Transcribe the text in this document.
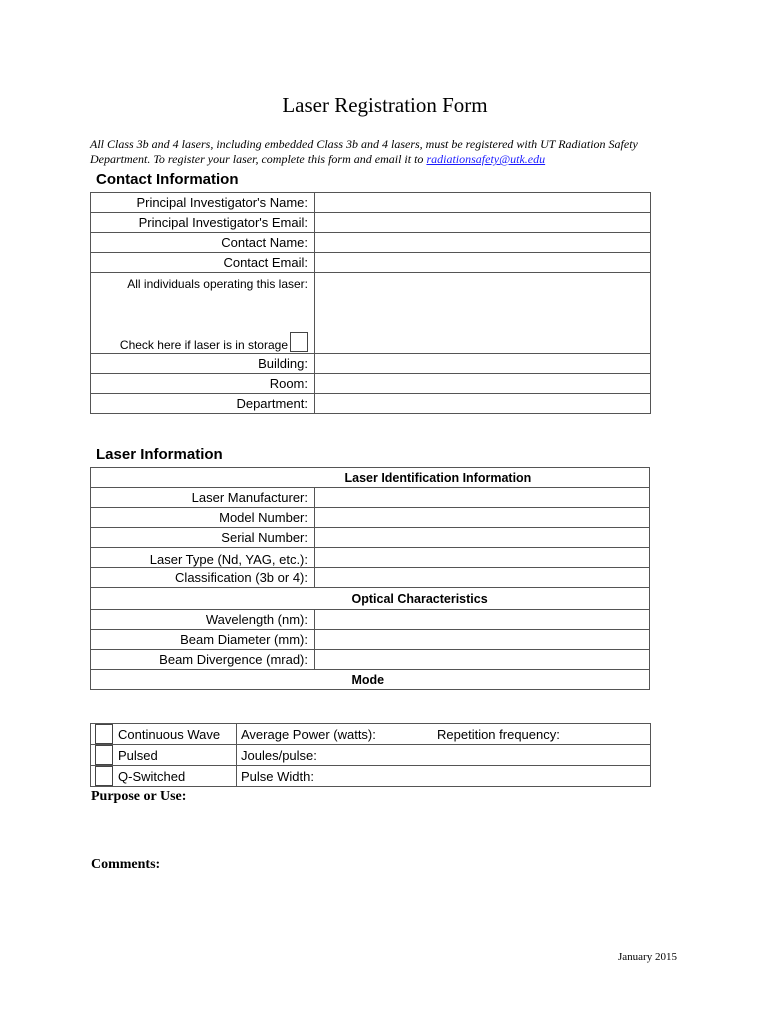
Laser Registration Form
All Class 3b and 4 lasers, including embedded Class 3b and 4 lasers, must be registered with UT Radiation Safety Department. To register your laser, complete this form and email it to radiationsafety@utk.edu
Contact Information
Principal Investigator's Name:	
Principal Investigator's Email:	
Contact Name:	
Contact Email:	

All individuals operating this laser:
Check here if laser is in storage	

Building:	
Room:	
Department:	
Laser Information
	Laser Identification Information
Laser Manufacturer:	
Model Number:	
Serial Number:	
Laser Type (Nd, YAG, etc.):	
Classification (3b or 4):	
	Optical Characteristics
Wavelength (nm):	
Beam Diameter (mm):	
Beam Divergence (mrad):	
	Mode
Continuous Wave	Average Power (watts): Repetition frequency:

Pulsed	Joules/pulse:

Q-Switched	Pulse Width:
Purpose or Use:
Comments:
January 2015
